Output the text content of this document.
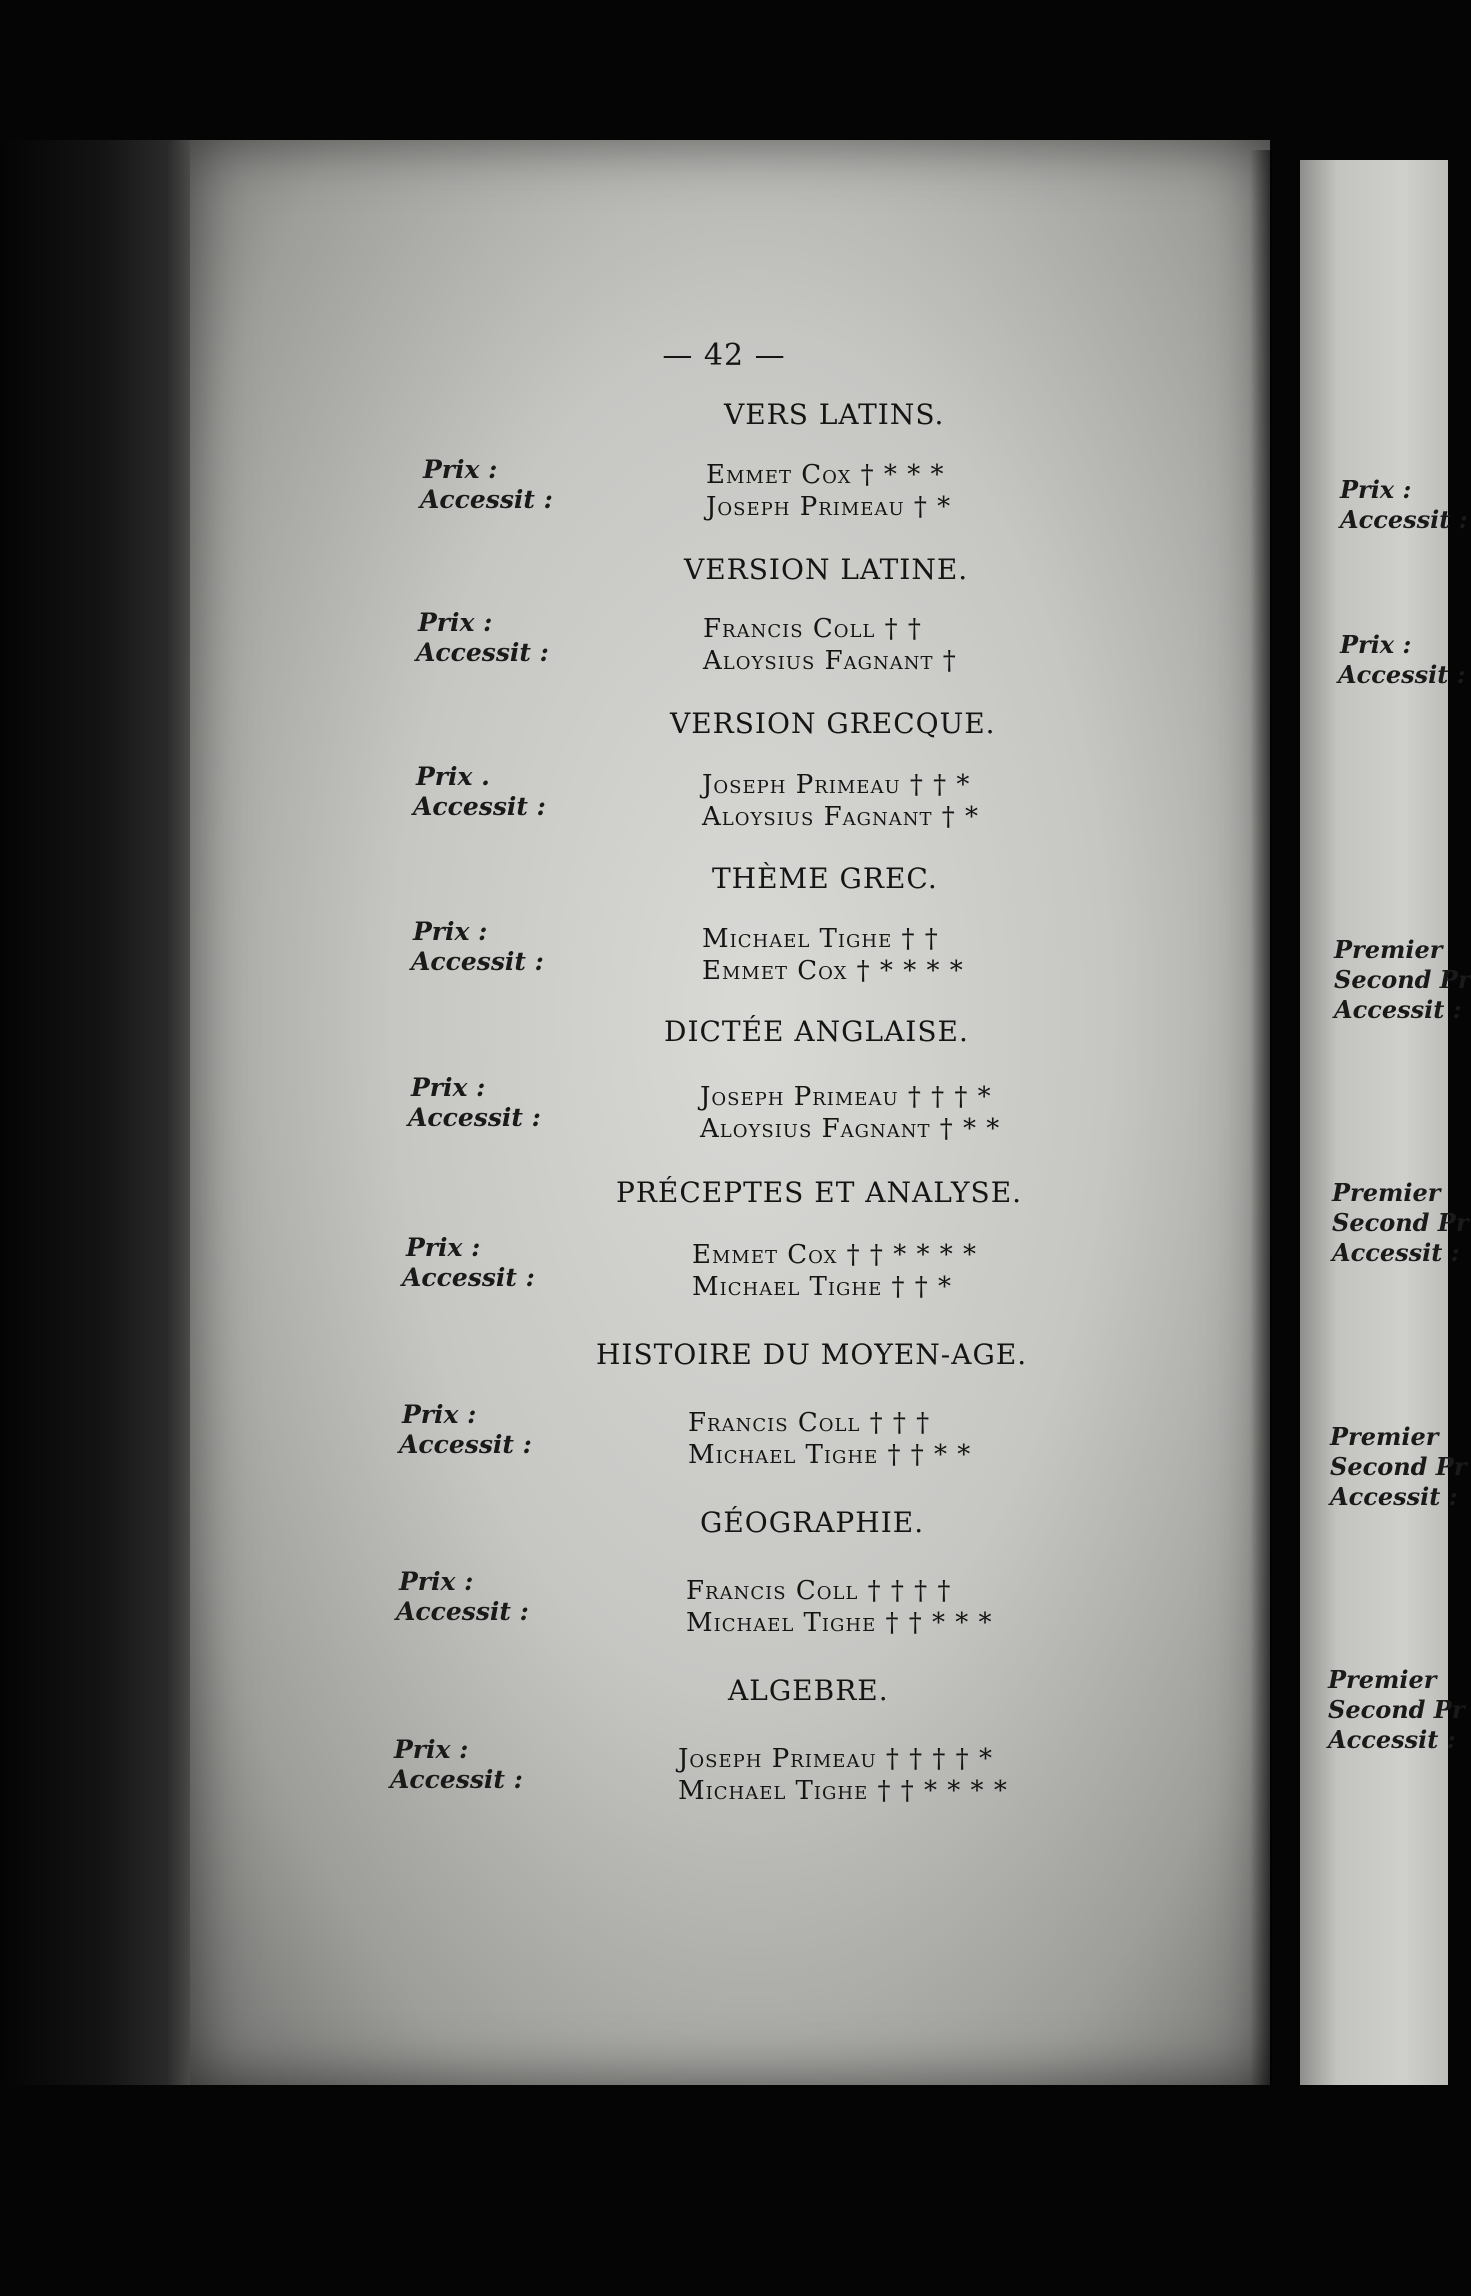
— 42 —
VERS LATINS.
Prix :
Accessit :
Emmet Cox † * * *
Joseph Primeau † *
VERSION LATINE.
Prix :
Accessit :
Francis Coll † †
Aloysius Fagnant †
VERSION GRECQUE.
Prix .
Accessit :
Joseph Primeau † † *
Aloysius Fagnant † *
THÈME GREC.
Prix :
Accessit :
Michael Tighe † †
Emmet Cox † * * * *
DICTÉE ANGLAISE.
Prix :
Accessit :
Joseph Primeau † † † *
Aloysius Fagnant † * *
PRÉCEPTES ET ANALYSE.
Prix :
Accessit :
Emmet Cox † † * * * *
Michael Tighe † † *
HISTOIRE DU MOYEN-AGE.
Prix :
Accessit :
Francis Coll † † †
Michael Tighe † † * *
GÉOGRAPHIE.
Prix :
Accessit :
Francis Coll † † † †
Michael Tighe † † * * *
ALGEBRE.
Prix :
Accessit :
Joseph Primeau † † † † *
Michael Tighe † † * * * *
Prix :
Accessit :
Prix :
Accessit :
Premier
Second Pr
Accessit :
Premier
Second Pr
Accessit :
Premier
Second Pr
Accessit :
Premier
Second Pr
Accessit :
